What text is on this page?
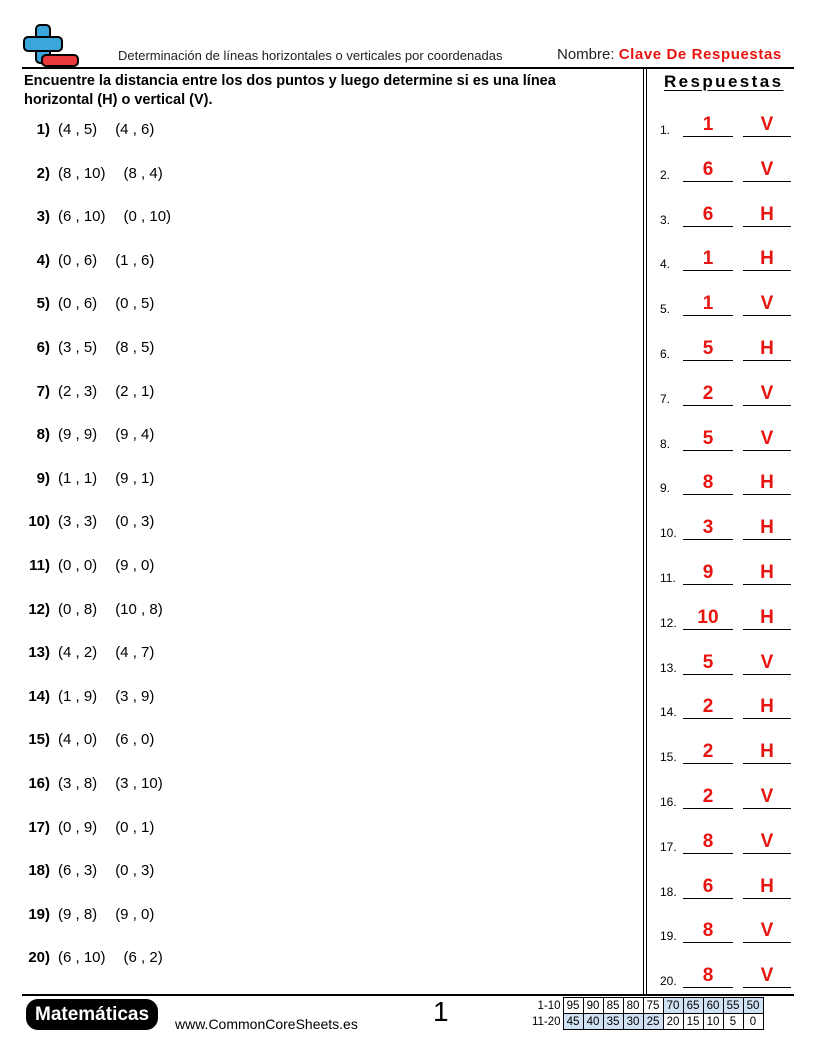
Determinación de líneas horizontales o verticales por coordenadas	Nombre: Clave De Respuestas
Encuentre la distancia entre los dos puntos y luego determine si es una línea horizontal (H) o vertical (V).
1) (4 , 5) (4 , 6)
2) (8 , 10) (8 , 4)
3) (6 , 10) (0 , 10)
4) (0 , 6) (1 , 6)
5) (0 , 6) (0 , 5)
6) (3 , 5) (8 , 5)
7) (2 , 3) (2 , 1)
8) (9 , 9) (9 , 4)
9) (1 , 1) (9 , 1)
10) (3 , 3) (0 , 3)
11) (0 , 0) (9 , 0)
12) (0 , 8) (10 , 8)
13) (4 , 2) (4 , 7)
14) (1 , 9) (3 , 9)
15) (4 , 0) (6 , 0)
16) (3 , 8) (3 , 10)
17) (0 , 9) (0 , 1)
18) (6 , 3) (0 , 3)
19) (9 , 8) (9 , 0)
20) (6 , 10) (6 , 2)
Respuestas
1.	1	V
2.	6	V
3.	6	H
4.	1	H
5.	1	V
6.	5	H
7.	2	V
8.	5	V
9.	8	H
10.	3	H
11.	9	H
12.	10	H
13.	5	V
14.	2	H
15.	2	H
16.	2	V
17.	8	V
18.	6	H
19.	8	V
20.	8	V
Matemáticas	www.CommonCoreSheets.es	1	1-10	95	90	85	80	75	70	65	60	55	50
11-20	45	40	35	30	25	20	15	10	5	0
